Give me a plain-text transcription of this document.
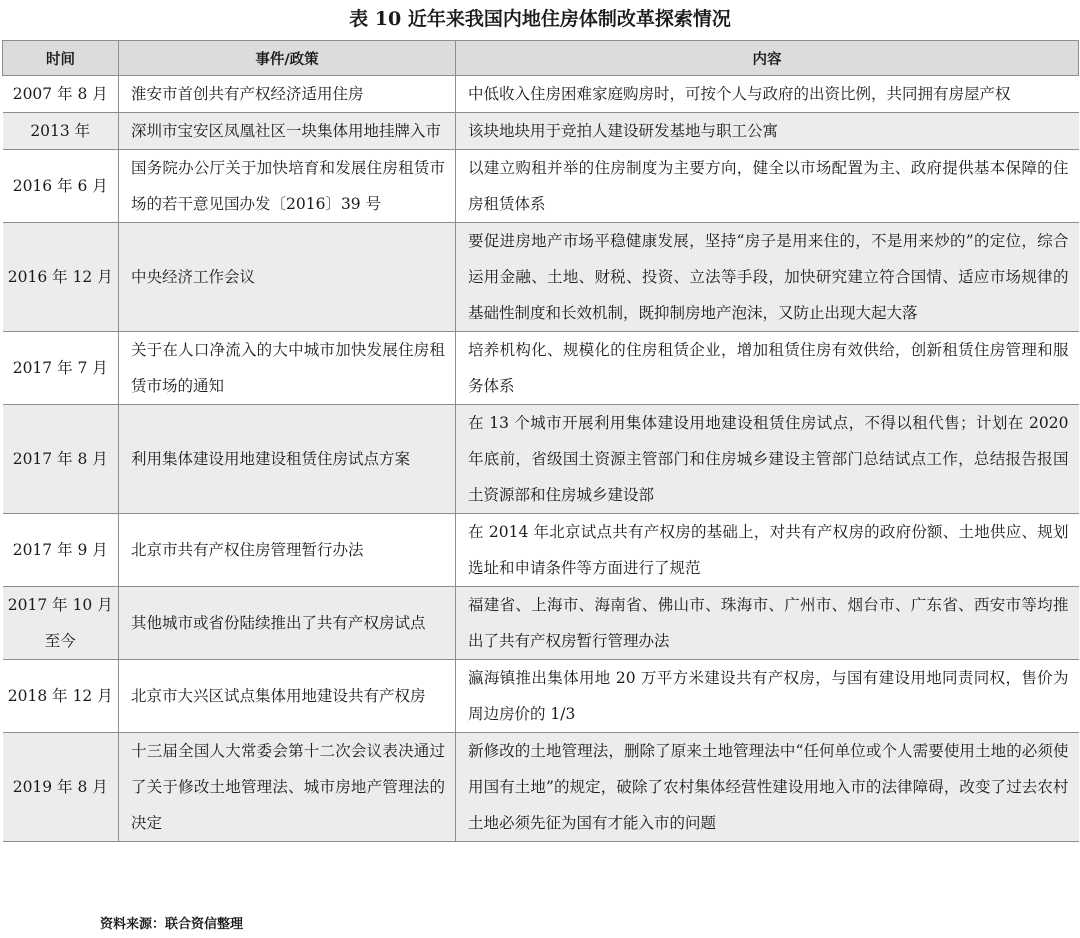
表 10 近年来我国内地住房体制改革探索情况
时间	事件/政策	内容
2007 年 8 月	淮安市首创共有产权经济适用住房	中低收入住房困难家庭购房时，可按个人与政府的出资比例，共同拥有房屋产权
2013 年	深圳市宝安区凤凰社区一块集体用地挂牌入市	该块地块用于竞拍人建设研发基地与职工公寓
2016 年 6 月	国务院办公厅关于加快培育和发展住房租赁市场的若干意见国办发〔2016〕39 号	以建立购租并举的住房制度为主要方向，健全以市场配置为主、政府提供基本保障的住房租赁体系
2016 年 12 月	中央经济工作会议	要促进房地产市场平稳健康发展，坚持“房子是用来住的，不是用来炒的”的定位，综合运用金融、土地、财税、投资、立法等手段，加快研究建立符合国情、适应市场规律的基础性制度和长效机制，既抑制房地产泡沫，又防止出现大起大落
2017 年 7 月	关于在人口净流入的大中城市加快发展住房租赁市场的通知	培养机构化、规模化的住房租赁企业，增加租赁住房有效供给，创新租赁住房管理和服务体系
2017 年 8 月	利用集体建设用地建设租赁住房试点方案	在 13 个城市开展利用集体建设用地建设租赁住房试点，不得以租代售；计划在 2020 年底前，省级国土资源主管部门和住房城乡建设主管部门总结试点工作，总结报告报国土资源部和住房城乡建设部
2017 年 9 月	北京市共有产权住房管理暂行办法	在 2014 年北京试点共有产权房的基础上，对共有产权房的政府份额、土地供应、规划选址和申请条件等方面进行了规范
2017 年 10 月至今	其他城市或省份陆续推出了共有产权房试点	福建省、上海市、海南省、佛山市、珠海市、广州市、烟台市、广东省、西安市等均推出了共有产权房暂行管理办法
2018 年 12 月	北京市大兴区试点集体用地建设共有产权房	瀛海镇推出集体用地 20 万平方米建设共有产权房，与国有建设用地同责同权，售价为周边房价的 1/3
2019 年 8 月	十三届全国人大常委会第十二次会议表决通过了关于修改土地管理法、城市房地产管理法的决定	新修改的土地管理法，删除了原来土地管理法中“任何单位或个人需要使用土地的必须使用国有土地”的规定，破除了农村集体经营性建设用地入市的法律障碍，改变了过去农村土地必须先征为国有才能入市的问题
资料来源：联合资信整理
